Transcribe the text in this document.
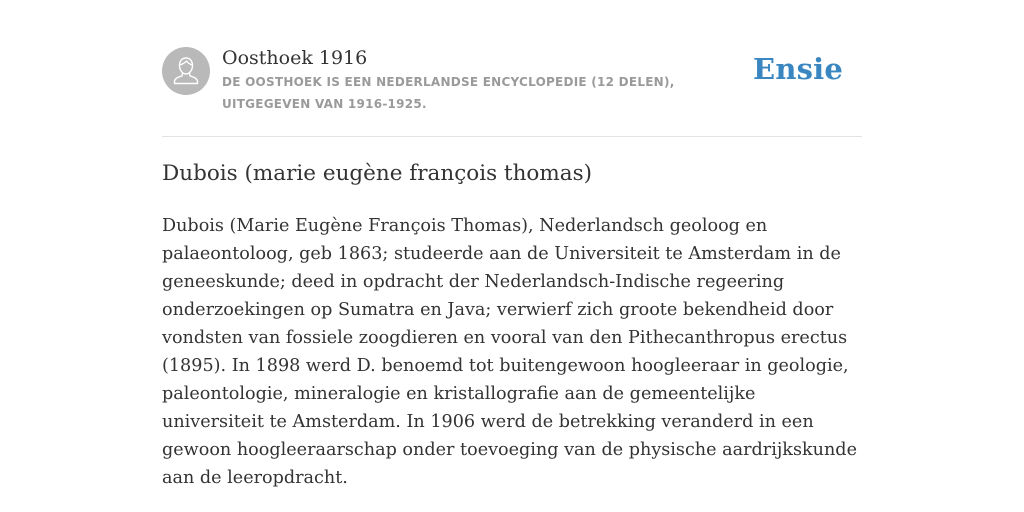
Oosthoek 1916
DE OOSTHOEK IS EEN NEDERLANDSE ENCYCLOPEDIE (12 DELEN), UITGEGEVEN VAN 1916-1925.
Ensie
Dubois (marie eugène françois thomas)

Dubois (Marie Eugène François Thomas), Nederlandsch geoloog en palaeontoloog, geb 1863; studeerde aan de Universiteit te Amsterdam in de geneeskunde; deed in opdracht der Nederlandsch-Indische regeering onderzoekingen op Sumatra en Java; verwierf zich groote bekendheid door vondsten van fossiele zoogdieren en vooral van den Pithecanthropus erectus (1895). In 1898 werd D. benoemd tot buitengewoon hoogleeraar in geologie, paleontologie, mineralogie en kristallografie aan de gemeentelijke universiteit te Amsterdam. In 1906 werd de betrekking veranderd in een gewoon hoogleeraarschap onder toevoeging van de physische aardrijkskunde aan de leeropdracht.
